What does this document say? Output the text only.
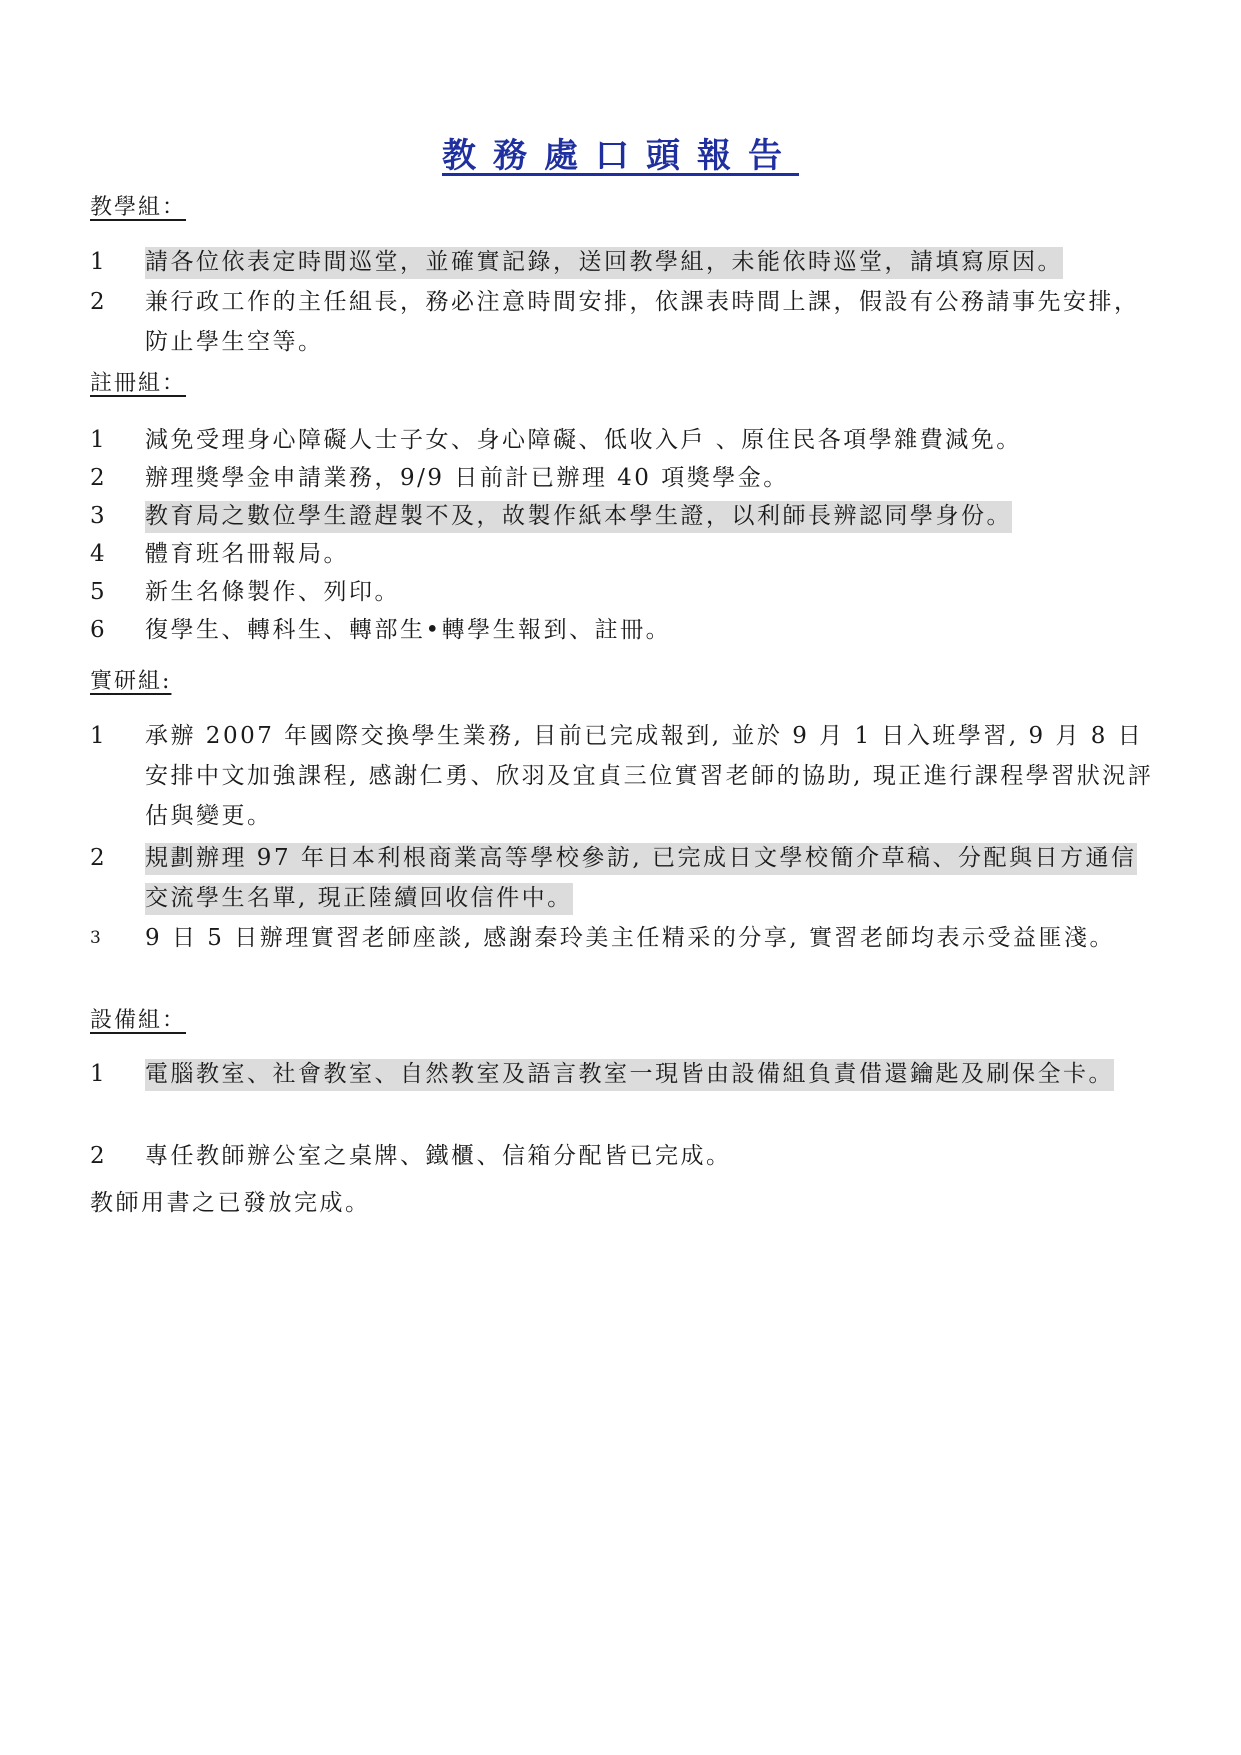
教務處口頭報告
教學組：
1	請各位依表定時間巡堂，並確實記錄，送回教學組，未能依時巡堂，請填寫原因。
2	兼行政工作的主任組長，務必注意時間安排，依課表時間上課，假設有公務請事先安排，防止學生空等。
註冊組：
1	減免受理身心障礙人士子女、身心障礙、低收入戶 、原住民各項學雜費減免。
2	辦理獎學金申請業務，9/9 日前計已辦理 40 項獎學金。
3	教育局之數位學生證趕製不及，故製作紙本學生證，以利師長辨認同學身份。
4	體育班名冊報局。
5	新生名條製作、列印。
6	復學生、轉科生、轉部生•轉學生報到、註冊。
實研組:
1	承辦 2007 年國際交換學生業務, 目前已完成報到, 並於 9 月 1 日入班學習, 9 月 8 日安排中文加強課程, 感謝仁勇、欣羽及宜貞三位實習老師的協助, 現正進行課程學習狀況評估與變更。
2	規劃辦理 97 年日本利根商業高等學校參訪, 已完成日文學校簡介草稿、分配與日方通信交流學生名單, 現正陸續回收信件中。
3	9 日 5 日辦理實習老師座談, 感謝秦玲美主任精采的分享, 實習老師均表示受益匪淺。
設備組：
1	電腦教室、社會教室、自然教室及語言教室一現皆由設備組負責借還鑰匙及刷保全卡。
2	專任教師辦公室之桌牌、鐵櫃、信箱分配皆已完成。
教師用書之已發放完成。
